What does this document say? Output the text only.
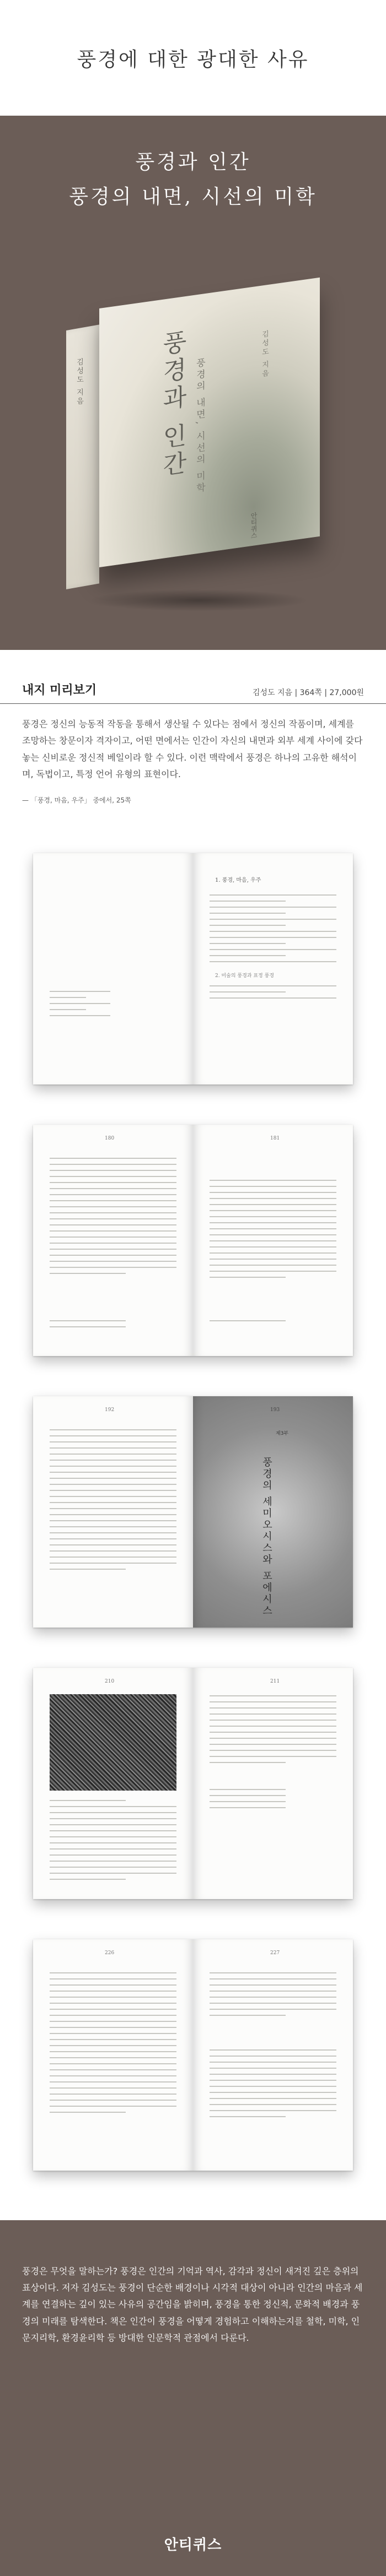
풍경에 대한 광대한 사유
풍경과 인간
풍경의 내면, 시선의 미학
김성도 지음	풍경과 인간 풍경의 내면, 시선의 미학
김성도 지음
안티퀴스
내지 미리보기	김성도 지음 | 364쪽 | 27,000원

풍경은 정신의 능동적 작동을 통해서 생산될 수 있다는 점에서 정신의 작품이며, 세계를 조망하는 창문이자 격자이고, 어떤 면에서는 인간이 자신의 내면과 외부 세계 사이에 갖다 놓는 신비로운 정신적 베일이라 할 수 있다. 이런 맥락에서 풍경은 하나의 고유한 해석이며, 독법이고, 특정 언어 유형의 표현이다.

— 「풍경, 마음, 우주」 중에서, 25쪽

1. 풍경, 마음, 우주
2. 미술의 풍경과 표정 풍경
180	181
192
제3부
풍경의 세미오시스와 포에시스
193
210	211
226	227

풍경은 무엇을 말하는가? 풍경은 인간의 기억과 역사, 감각과 정신이 새겨진 깊은 층위의 표상이다. 저자 김성도는 풍경이 단순한 배경이나 시각적 대상이 아니라 인간의 마음과 세계를 연결하는 깊이 있는 사유의 공간임을 밝히며, 풍경을 통한 정신적, 문화적 배경과 풍경의 미래를 탐색한다. 책은 인간이 풍경을 어떻게 경험하고 이해하는지를 철학, 미학, 인문지리학, 환경윤리학 등 방대한 인문학적 관점에서 다룬다.

안티퀴스
